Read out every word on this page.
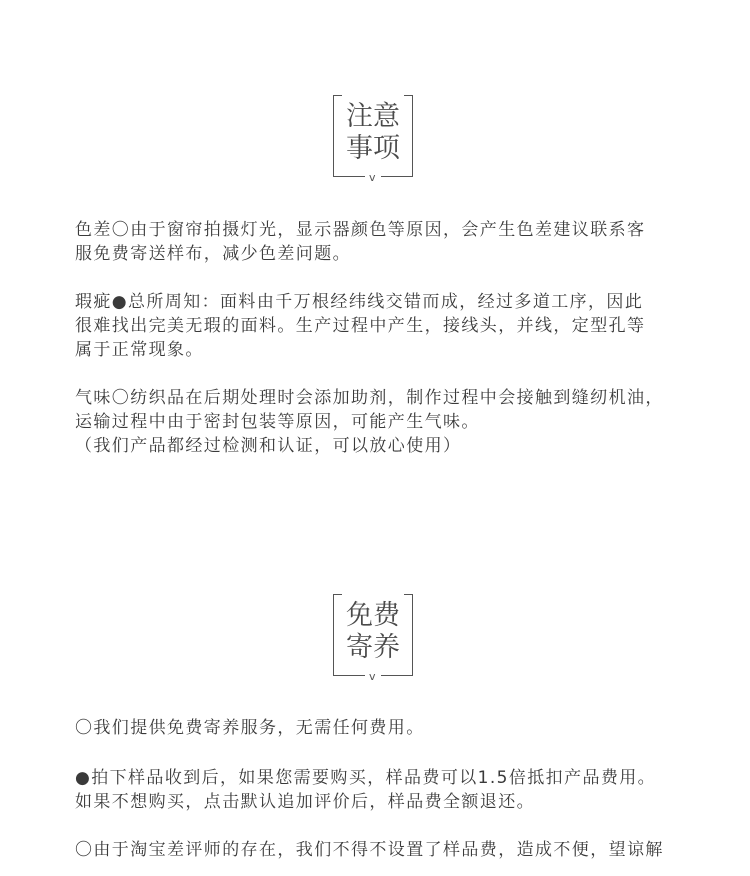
注意
事项
v

色差〇由于窗帘拍摄灯光，显示器颜色等原因，会产生色差建议联系客
服免费寄送样布，减少色差问题。

瑕疵●总所周知：面料由千万根经纬线交错而成，经过多道工序，因此
很难找出完美无瑕的面料。生产过程中产生，接线头，并线，定型孔等
属于正常现象。

气味〇纺织品在后期处理时会添加助剂，制作过程中会接触到缝纫机油，
运输过程中由于密封包装等原因，可能产生气味。
（我们产品都经过检测和认证，可以放心使用）

免费
寄养
v

〇我们提供免费寄养服务，无需任何费用。

●拍下样品收到后，如果您需要购买，样品费可以1.5倍抵扣产品费用。
如果不想购买，点击默认追加评价后，样品费全额退还。

〇由于淘宝差评师的存在，我们不得不设置了样品费，造成不便，望谅解
